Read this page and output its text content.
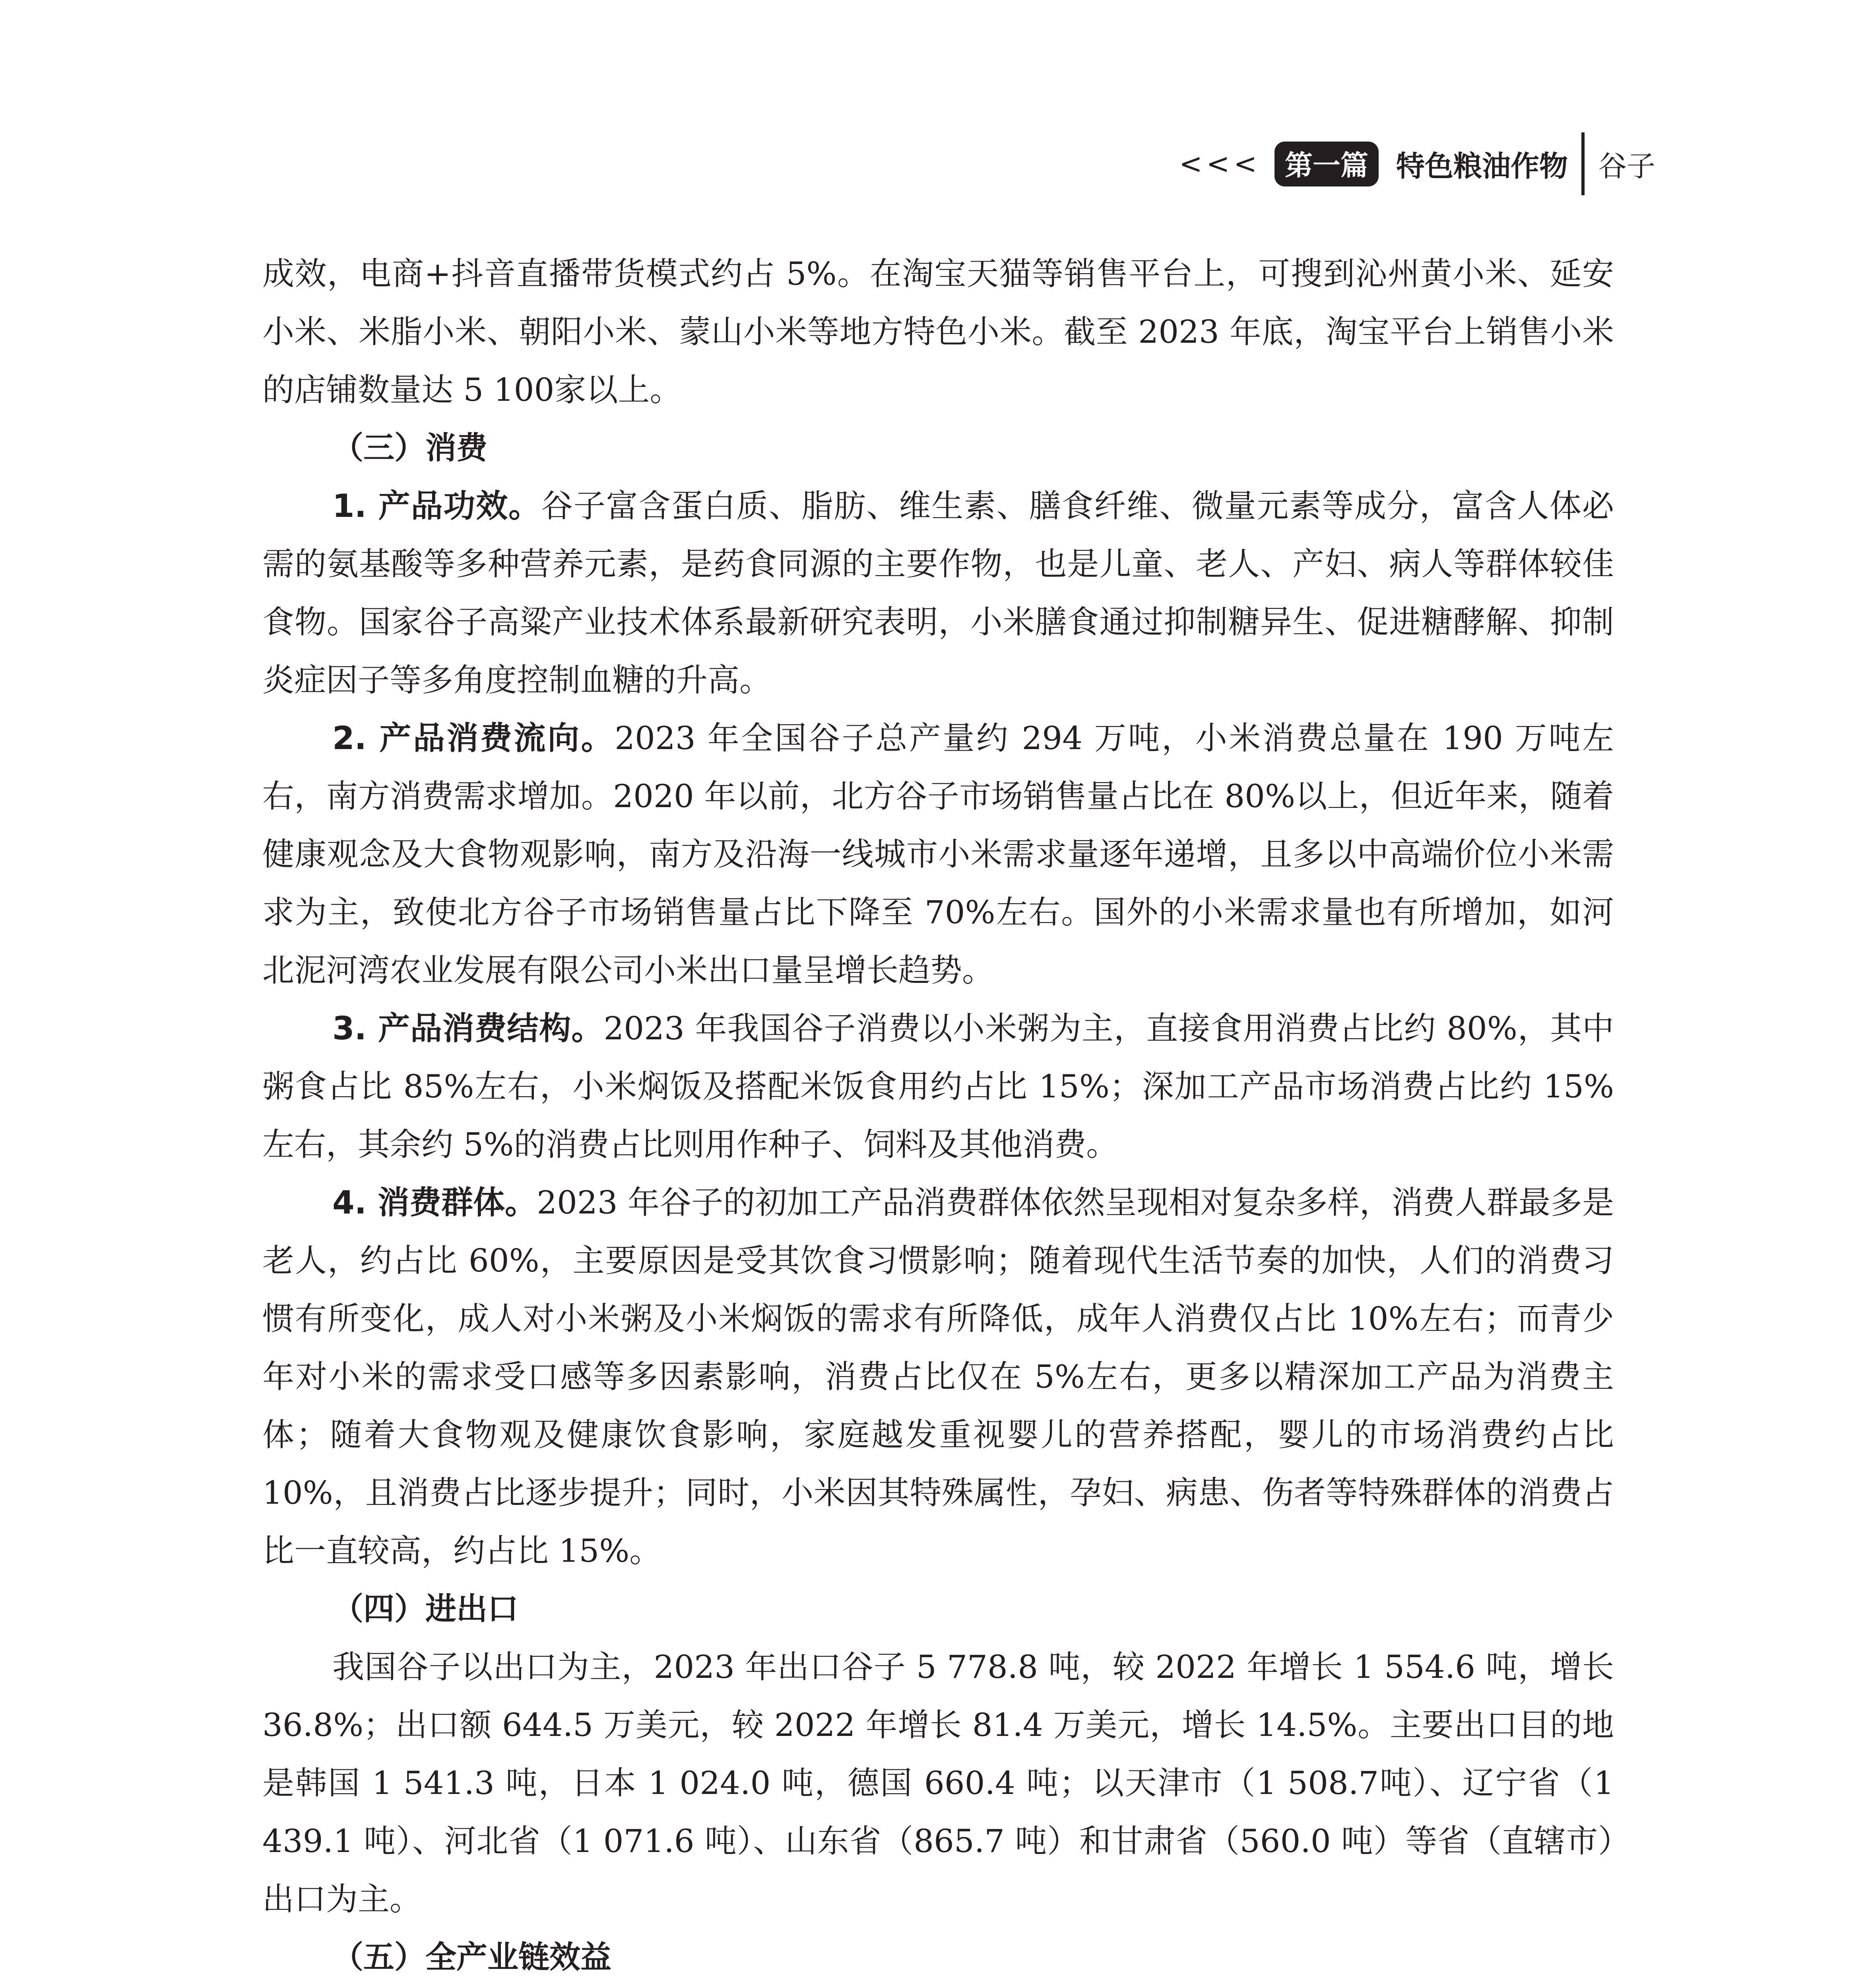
<<< 第一篇 特色粮油作物 谷子

成效，电商+抖音直播带货模式约占 5%。在淘宝天猫等销售平台上，可搜到沁州黄小米、延安小米、米脂小米、朝阳小米、蒙山小米等地方特色小米。截至 2023 年底，淘宝平台上销售小米的店铺数量达 5 100家以上。

（三）消费

1. 产品功效。谷子富含蛋白质、脂肪、维生素、膳食纤维、微量元素等成分，富含人体必需的氨基酸等多种营养元素，是药食同源的主要作物，也是儿童、老人、产妇、病人等群体较佳食物。国家谷子高粱产业技术体系最新研究表明，小米膳食通过抑制糖异生、促进糖酵解、抑制炎症因子等多角度控制血糖的升高。

2. 产品消费流向。2023 年全国谷子总产量约 294 万吨，小米消费总量在 190 万吨左右，南方消费需求增加。2020 年以前，北方谷子市场销售量占比在 80%以上，但近年来，随着健康观念及大食物观影响，南方及沿海一线城市小米需求量逐年递增，且多以中高端价位小米需求为主，致使北方谷子市场销售量占比下降至 70%左右。国外的小米需求量也有所增加，如河北泥河湾农业发展有限公司小米出口量呈增长趋势。

3. 产品消费结构。2023 年我国谷子消费以小米粥为主，直接食用消费占比约 80%，其中粥食占比 85%左右，小米焖饭及搭配米饭食用约占比 15%；深加工产品市场消费占比约 15%左右，其余约 5%的消费占比则用作种子、饲料及其他消费。

4. 消费群体。2023 年谷子的初加工产品消费群体依然呈现相对复杂多样，消费人群最多是老人，约占比 60%，主要原因是受其饮食习惯影响；随着现代生活节奏的加快，人们的消费习惯有所变化，成人对小米粥及小米焖饭的需求有所降低，成年人消费仅占比 10%左右；而青少年对小米的需求受口感等多因素影响，消费占比仅在 5%左右，更多以精深加工产品为消费主体；随着大食物观及健康饮食影响，家庭越发重视婴儿的营养搭配，婴儿的市场消费约占比 10%，且消费占比逐步提升；同时，小米因其特殊属性，孕妇、病患、伤者等特殊群体的消费占比一直较高，约占比 15%。

（四）进出口

我国谷子以出口为主，2023 年出口谷子 5 778.8 吨，较 2022 年增长 1 554.6 吨，增长 36.8%；出口额 644.5 万美元，较 2022 年增长 81.4 万美元，增长 14.5%。主要出口目的地是韩国 1 541.3 吨，日本 1 024.0 吨，德国 660.4 吨；以天津市（1 508.7吨）、辽宁省（1 439.1 吨）、河北省（1 071.6 吨）、山东省（865.7 吨）和甘肃省（560.0 吨）等省（直辖市）出口为主。

（五）全产业链效益
